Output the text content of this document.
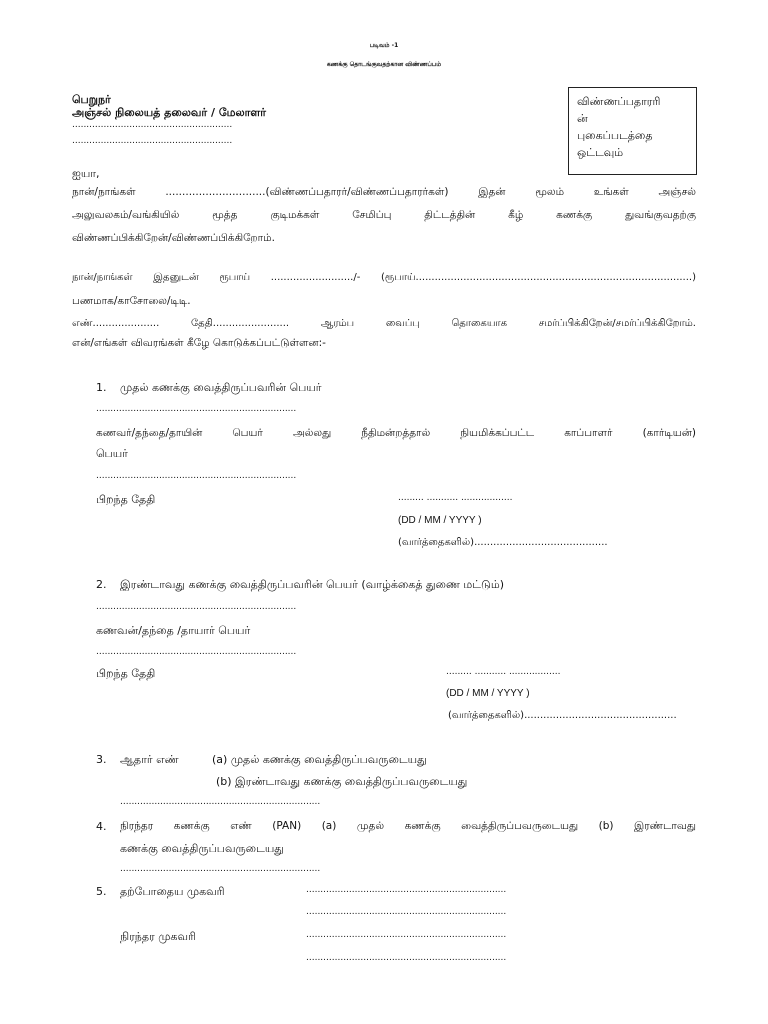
படிவம் -1
கணக்கு தொடங்குவதற்கான விண்ணப்பம்
பெறுநர்
அஞ்சல் நிலையத் தலைவர் / மேலாளர்
........................................................
........................................................
விண்ணப்பதாரரி
ன்
புகைப்படத்தை
ஒட்டவும்
ஐயா,
நான்/நாங்கள் ..............................(விண்ணப்பதாரர்/விண்ணப்பதாரர்கள்) இதன் மூலம் உங்கள் அஞ்சல்
அலுவலகம்/வங்கியில் மூத்த குடிமக்கள் சேமிப்பு திட்டத்தின் கீழ் கணக்கு துவங்குவதற்கு
விண்ணப்பிக்கிறேன்/விண்ணப்பிக்கிறோம்.
நான்/நாங்கள் இதனுடன் ரூபாய் ........................../- (ரூபாய்.......................................................................................)
பணமாக/காசோலை/டிடி.
எண்..................... தேதி........................ ஆரம்ப வைப்பு தொகையாக சமர்ப்பிக்கிறேன்/சமர்ப்பிக்கிறோம்.
என்/எங்கள் விவரங்கள் கீழே கொடுக்கப்பட்டுள்ளன:-
1. முதல் கணக்கு வைத்திருப்பவரின் பெயர்
......................................................................
கணவர்/தந்தை/தாயின் பெயர் அல்லது நீதிமன்றத்தால் நியமிக்கப்பட்ட காப்பாளர் (கார்டியன்)
பெயர்
......................................................................
பிறந்த தேதி	......... ........... ..................
(DD / MM / YYYY )
(வார்த்தைகளில்)..........................................
2. இரண்டாவது கணக்கு வைத்திருப்பவரின் பெயர் (வாழ்க்கைத் துணை மட்டும்)
......................................................................
கணவன்/தந்தை /தாயார் பெயர்
......................................................................
பிறந்த தேதி	......... ........... ..................
(DD / MM / YYYY )
(வார்த்தைகளில்)................................................
3. ஆதார் எண்	(a) முதல் கணக்கு வைத்திருப்பவருடையது
(b) இரண்டாவது கணக்கு வைத்திருப்பவருடையது
......................................................................
4. நிரந்தர கணக்கு எண் (PAN) (a) முதல் கணக்கு வைத்திருப்பவருடையது (b) இரண்டாவது
கணக்கு வைத்திருப்பவருடையது
......................................................................
5. தற்போதைய முகவரி	......................................................................
......................................................................
நிரந்தர முகவரி	......................................................................
......................................................................
